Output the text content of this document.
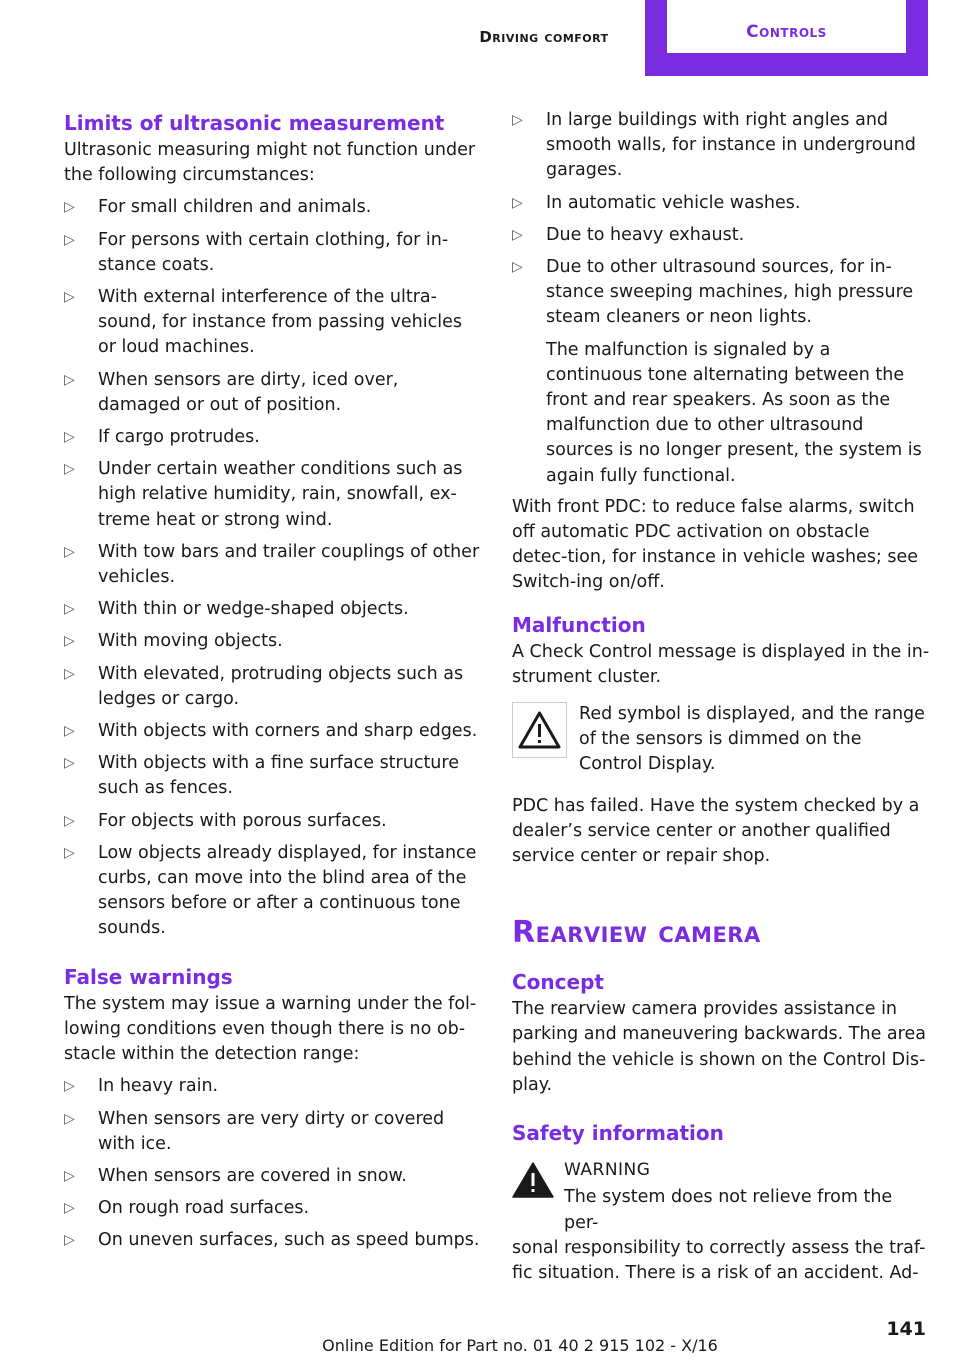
Driving comfort	Controls
Limits of ultrasonic measurement
Ultrasonic measuring might not function under the following circumstances:
▷ For small children and animals.
▷ For persons with certain clothing, for in-stance coats.
▷ With external interference of the ultra-sound, for instance from passing vehicles or loud machines.
▷ When sensors are dirty, iced over, damaged or out of position.
▷ If cargo protrudes.
▷ Under certain weather conditions such as high relative humidity, rain, snowfall, ex-treme heat or strong wind.
▷ With tow bars and trailer couplings of other vehicles.
▷ With thin or wedge-shaped objects.
▷ With moving objects.
▷ With elevated, protruding objects such as ledges or cargo.
▷ With objects with corners and sharp edges.
▷ With objects with a fine surface structure such as fences.
▷ For objects with porous surfaces.
▷ Low objects already displayed, for instance curbs, can move into the blind area of the sensors before or after a continuous tone sounds.
False warnings
The system may issue a warning under the fol-lowing conditions even though there is no ob-stacle within the detection range:
▷ In heavy rain.
▷ When sensors are very dirty or covered with ice.
▷ When sensors are covered in snow.
▷ On rough road surfaces.
▷ On uneven surfaces, such as speed bumps.
▷ In large buildings with right angles and smooth walls, for instance in underground garages.
▷ In automatic vehicle washes.
▷ Due to heavy exhaust.
▷ Due to other ultrasound sources, for in-stance sweeping machines, high pressure steam cleaners or neon lights.
The malfunction is signaled by a continuous tone alternating between the front and rear speakers. As soon as the malfunction due to other ultrasound sources is no longer present, the system is again fully functional.
With front PDC: to reduce false alarms, switch off automatic PDC activation on obstacle detec-tion, for instance in vehicle washes; see Switch-ing on/off.
Malfunction
A Check Control message is displayed in the in-strument cluster.
Red symbol is displayed, and the range of the sensors is dimmed on the Control Display.
PDC has failed. Have the system checked by a dealer’s service center or another qualified service center or repair shop.
Rearview camera
Concept
The rearview camera provides assistance in parking and maneuvering backwards. The area behind the vehicle is shown on the Control Dis-play.
Safety information
WARNING
The system does not relieve from the per-
sonal responsibility to correctly assess the traf-fic situation. There is a risk of an accident. Ad-
141
Online Edition for Part no. 01 40 2 915 102 - X/16
